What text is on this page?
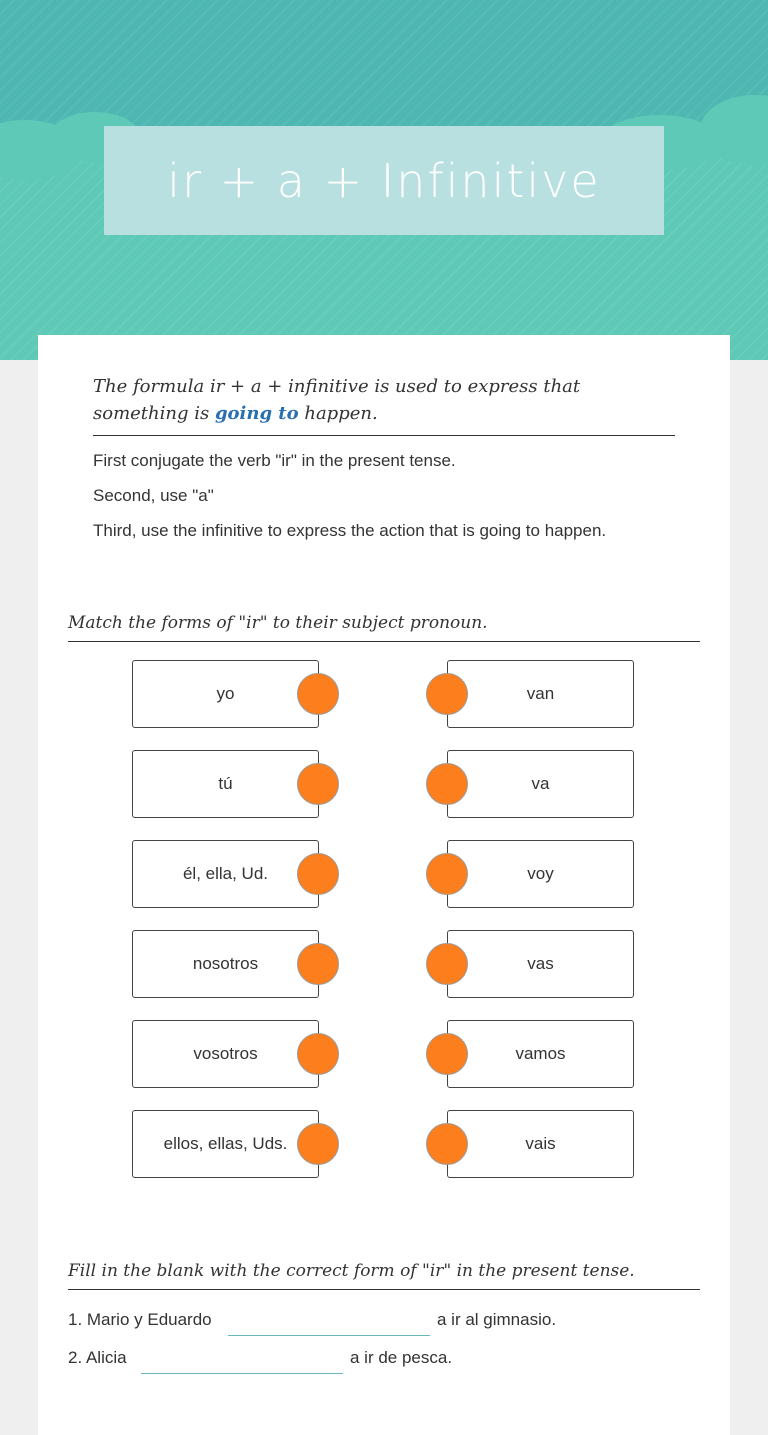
ir + a + Infinitive
The formula ir + a + infinitive is used to express that something is going to happen.
First conjugate the verb "ir" in the present tense.
Second, use "a"
Third, use the infinitive to express the action that is going to happen.
Match the forms of "ir" to their subject pronoun.
yo
tú
él, ella, Ud.
nosotros
vosotros
ellos, ellas, Uds.
van
va
voy
vas
vamos
vais
Fill in the blank with the correct form of "ir" in the present tense.
1. Mario y Eduardo	a ir al gimnasio.
2. Alicia	a ir de pesca.
